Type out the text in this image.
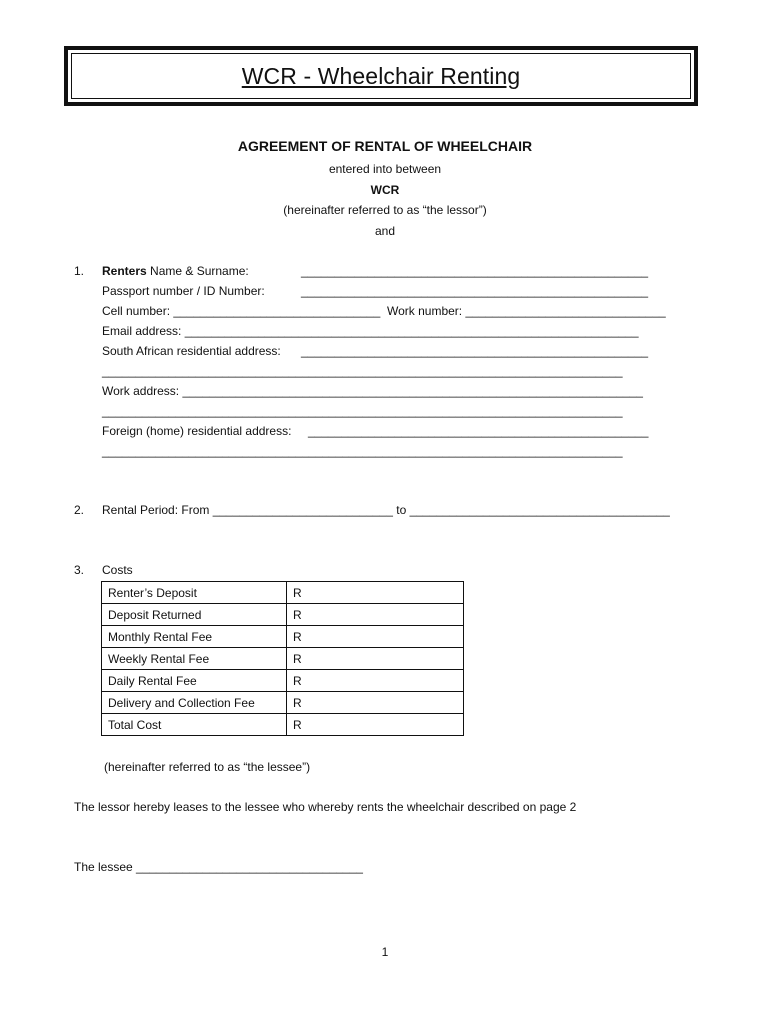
WCR - Wheelchair Renting
AGREEMENT OF RENTAL OF WHEELCHAIR
entered into between
WCR
(hereinafter referred to as “the lessor”)
and
1. Renters Name & Surname:	____________________________________________________
Passport number / ID Number:	____________________________________________________
Cell number: _______________________________ Work number: ______________________________
Email address: ____________________________________________________________________
South African residential address: ____________________________________________________
______________________________________________________________________________
Work address: _____________________________________________________________________
______________________________________________________________________________
Foreign (home) residential address: ___________________________________________________
______________________________________________________________________________
2. Rental Period: From ___________________________ to _______________________________________
3. Costs
Renter’s Deposit	R
Deposit Returned	R
Monthly Rental Fee	R
Weekly Rental Fee	R
Daily Rental Fee	R
Delivery and Collection Fee	R
Total Cost	R
(hereinafter referred to as “the lessee”)
The lessor hereby leases to the lessee who whereby rents the wheelchair described on page 2
The lessee __________________________________
1
